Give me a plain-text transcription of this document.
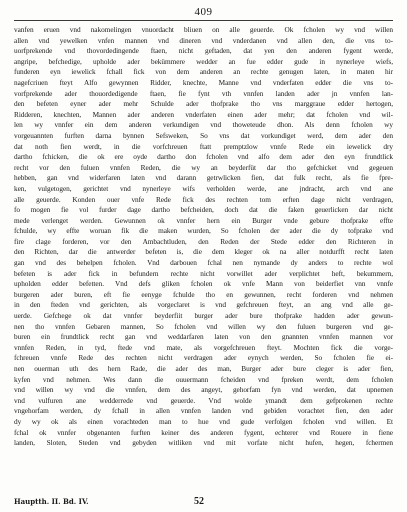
409
vanfen eruen vnd nakomelingen vnuordacht bliuen on alle geuerde. Ok fcholen wy vnd willen
allen vnd yewelken vnfen mannen vnd dineren vnd vnderdanen vnd allen den, die vns to-
uorfprekende vnd thovordedingende ftaen, nicht geftaden, dat yen den anderen fygent werde,
angripe, befchedige, upholde ader bekümmere wedder an fue edder gude in nynerleye wiefs,
funderen eyn iewelick fchall fick von dem anderen an rechte genugen laten, in maten hir
nagefcriuen fteyt Alfo gewynnen Ridder, knechte, Manne vnd vnderfaten edder die vns to-
vorfprekende ader thouordedigende ftaen, fie fynt vth vnnfen landen ader jn vnnfen lan-
den befeten eyner ader mehr Schulde ader thofprake tho vns marggraue edder hertogen,
Ridderen, knechten, Mannen ader anderen vnderfaten einen ader mehr; dat fcholen vnd wil-
len wy vnnfer ein dem anderen verkundigen vnd thoweteude dhon. Als denn fcholen wy
vorgeuannten furften darna bynnen Sefsweken, So vns dat vorkundiget werd, dem ader den
dat noth fien werdt, in die vorfchreuen ftatt premptzlow vnnfe Rede ein iewelick dry
dartho fchicken, die ok ere oyde dartho don fcholen vnd alfo dem ader den eyn frundtlick
recht vor den fuluen vnnfen Reden, die wy an beyderfüt dar tho gefchicket vnd gegeuen
hebben, gan vnd widerfaren laten vnd darann getrwlicken fien, dat fulk recht, als fie fpre-
ken, vulgetogen, gerichtet vnd nynerleye wifs verholden werde, ane jndracht, arch vnd ane
alle geuerde. Konden ouer vnfe Rede fick des rechten tom erften dage nicht verdragen,
fo mogen fie vol furder dage dartho befcheiden, doch dat die faken geuerlicken dar nicht
mede verlenget werden. Gewunnen ok vnnfer hern ein Burger vnde gebure thofprake effte
fchulde, wy effte woruan fik die maken wurden, So fcholen der ader die dy tofprake vnd
fire clage forderen, vor den Ambachtluden, den Reden der Stede edder den Richteren in
den Richten, dar die antwerder befeten is, die dem kleger ok na aller notdurfft recht laten
gan vnd des behelpen fcholen. Vnd darbouen fchal nen nymande dy anders to rechte wol
befeten is ader fick in befundern rechte nicht vorwillet ader verplichtet heft, bekummern,
upholden edder befetten. Vnd defs gliken fcholen ok vnfe Mann von beiderfiet vnn vnnfe
burgeren ader buren, eft fie eenyge fchulde tho en gewunnen, recht forderen vnd nehmen
in den fteden vnd gerichten, als vorgeclaret is vnd gefchreuen fteyt, an ang vnd alle ge-
uerde. Gefchege ok dat vnnfer beyderfiit burger ader bure thofprake hadden ader gewun-
nen tho vnnfen Gebaren mannen, So fcholen vnd willen wy den fuluen burgeren vnd ge-
buren ein frundtlick recht gan vnd weddarfaren laten von den gnannten vnnfen mannen vor
vnnfen Reden, in tyd, ftede vnd mate, als vorgefchreuen fteyt. Mochten fick die vorge-
fchreuen vnnfe Rede des rechten nicht verdragen ader eynych werden, So fcholen fie ei-
nen ouerman uth des hern Rade, die ader des man, Burger ader bure cleger is ader fien,
kyfen vnd nehmen. Wes dann die ouuermann fcheiden vnd fpreken werdt, dem fcholen
vnd willen wy vnd die vnnfen, dem des angeyt, gehorfam fyn vnd werden, dat upnemen
vnd vulfuren ane wedderrede vnd geuerde. Vnd wolde ymandt dem gefprokenen rechte
vngehorfam werden, dy fchall in allen vnnfen landen vnd gebiden vorachtet fien, den ader
dy wy ok als einen vorachteden man to hue vnd gude verfolgen fcholen vnd willen. Et
fchal ok vnnfer obgenanten furften keiner des anderen fygent, echterer vnd Rouere in fiene
landen, Sloten, Steden vnd gebyden witliken vnd mit vorfate nicht hufen, hegen, fchermen
Hauptth. II. Bd. IV.	52
